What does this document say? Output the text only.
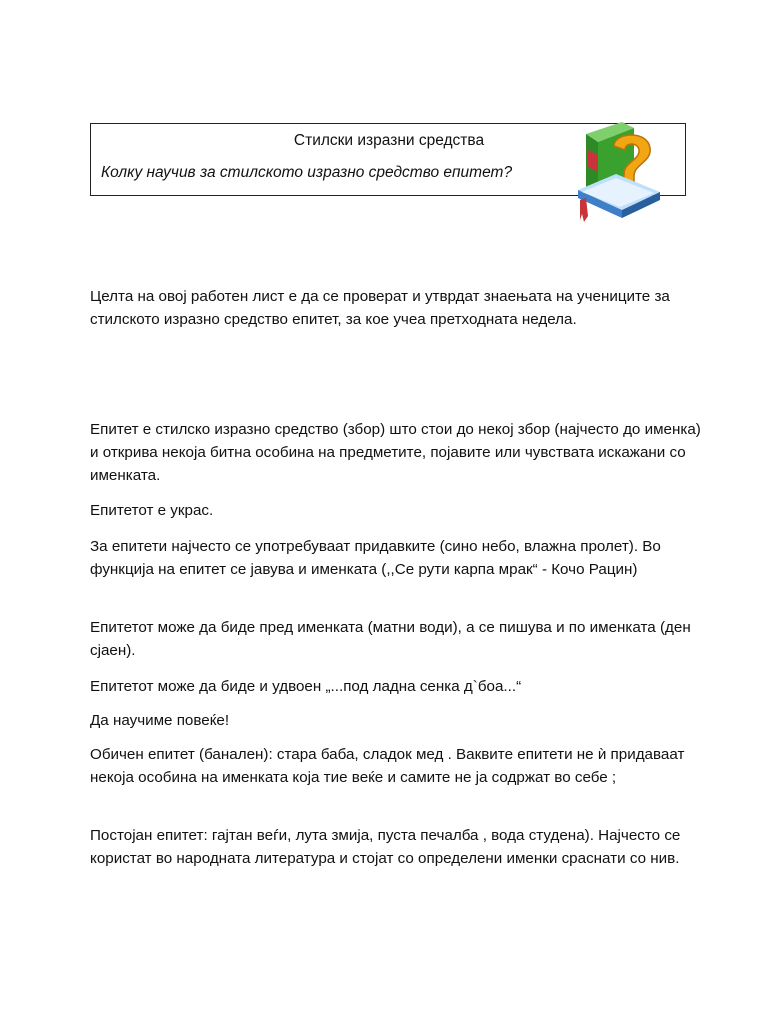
Стилски изразни средства
Колку научив за стилското изразно средство епитет?

Целта на овој работен лист е да се проверат и утврдат знаењата на учениците за стилското изразно средство епитет, за кое учеа претходната недела.

Епитет е стилско изразно средство (збор) што стои до некој збор (најчесто до именка) и открива некоја битна особина на предметите, појавите или чувствата искажани со именката.

Епитетот е украс.

За епитети најчесто се употребуваат придавките (сино небо, влажна пролет). Во функција на епитет се јавува и именката (,,Се рути карпа мрак“ - Кочо Рацин)

Епитетот може да биде пред именката (матни води), а се пишува и по именката (ден сјаен).

Епитетот може да биде и удвоен „...под ладна сенка д`боа...“

Да научиме повеќе!

Обичен епитет (баналeн): стара баба, сладок мед . Ваквите епитети не ѝ придаваат некоја особина на именката која тие веќе и самите не ја содржат во себе ;

Постојан епитет: гајтан веѓи, лута змија, пуста печалба , вода студена). Најчесто се користат во народната литература и стојат со определени именки сраснати со нив.
